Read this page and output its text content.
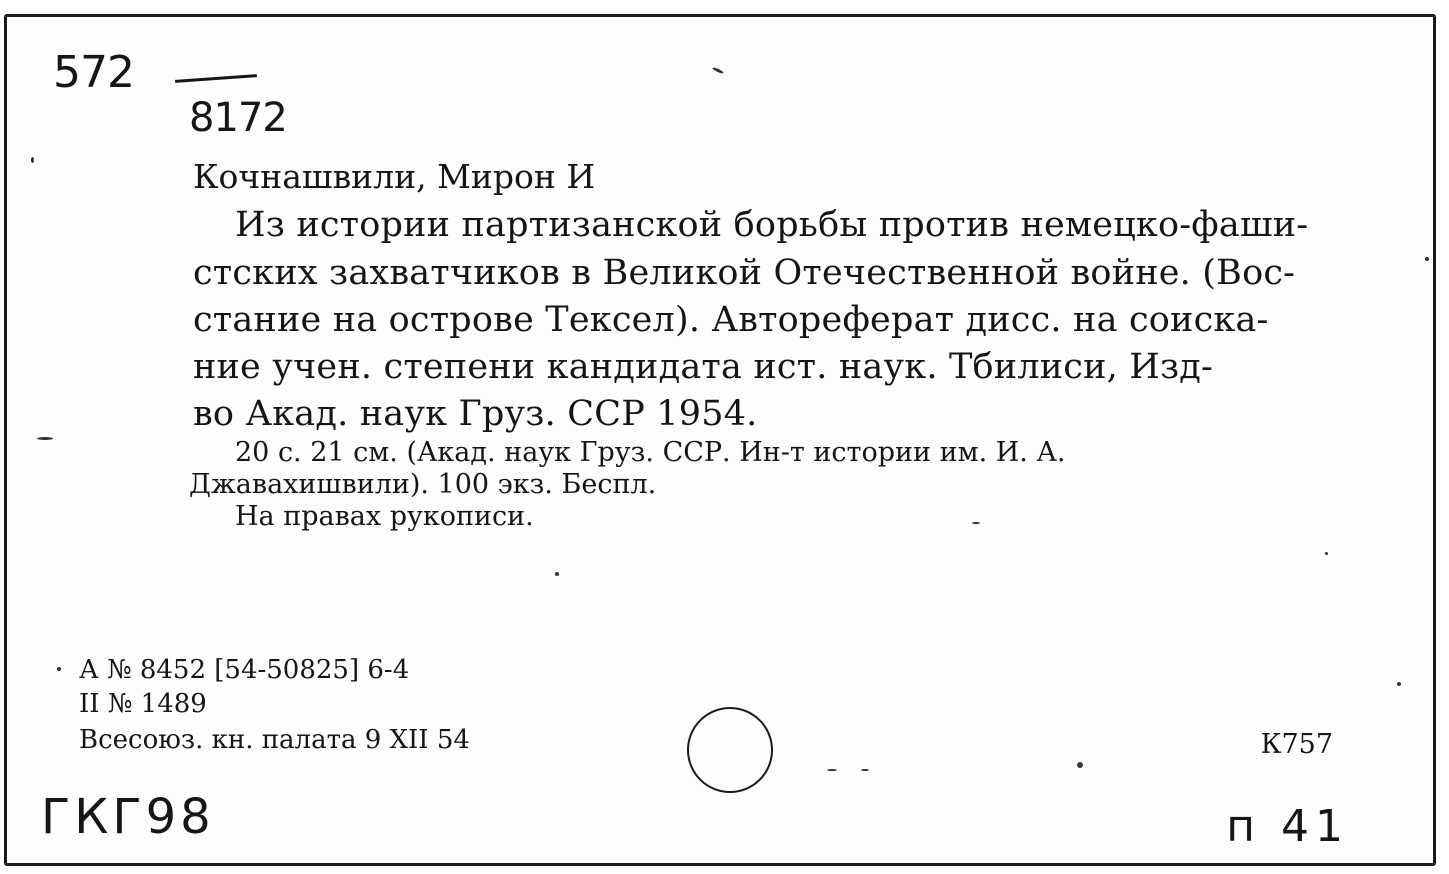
572
8172
Кочнашвили, Мирон И
Из истории партизанской борьбы против немецко-фаши-
стских захватчиков в Великой Отечественной войне. (Вос-
стание на острове Тексел). Автореферат дисс. на соиска-
ние учен. степени кандидата ист. наук. Тбилиси, Изд-
во Акад. наук Груз. ССР 1954.
20 с. 21 см. (Акад. наук Груз. ССР. Ин-т истории им. И. А.
Джавахишвили). 100 экз. Беспл.
На правах рукописи.
А № 8452 [54-50825] 6-4
II № 1489
Всесоюз. кн. палата 9 XII 54	К757
ГКГ98	п 41
